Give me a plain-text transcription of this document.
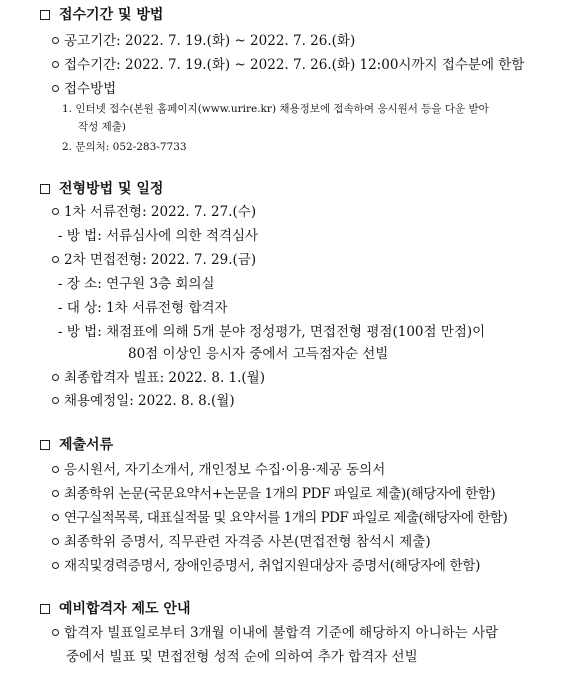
접수기간 및 방법
공고기간: 2022. 7. 19.(화) ~ 2022. 7. 26.(화)
접수기간: 2022. 7. 19.(화) ~ 2022. 7. 26.(화) 12:00시까지 접수분에 한함
접수방법
1. 인터넷 접수(본원 홈페이지(www.urire.kr) 채용정보에 접속하여 응시원서 등을 다운 받아
작성 제출)
2. 문의처: 052-283-7733
전형방법 및 일정
1차 서류전형: 2022. 7. 27.(수)
- 방 법: 서류심사에 의한 적격심사
2차 면접전형: 2022. 7. 29.(금)
- 장 소: 연구원 3층 회의실
- 대 상: 1차 서류전형 합격자
- 방 법: 채점표에 의해 5개 분야 정성평가, 면접전형 평점(100점 만점)이
80점 이상인 응시자 중에서 고득점자순 선빌
최종합격자 빌표: 2022. 8. 1.(월)
채용예정일: 2022. 8. 8.(월)
제출서류
응시원서, 자기소개서, 개인정보 수집·이용·제공 동의서
최종학위 논문(국문요약서+논문을 1개의 PDF 파일로 제출)(해당자에 한함)
연구실적목록, 대표실적물 및 요약서를 1개의 PDF 파일로 제출(해당자에 한함)
최종학위 증명서, 직무관련 자격증 사본(면접전형 참석시 제출)
재직및경력증명서, 장애인증명서, 취업지원대상자 증명서(해당자에 한함)
예비합격자 제도 안내
합격자 빌표일로부터 3개월 이내에 불합격 기준에 해당하지 아니하는 사람
중에서 빌표 및 면접전형 성적 순에 의하여 추가 합격자 선빌
